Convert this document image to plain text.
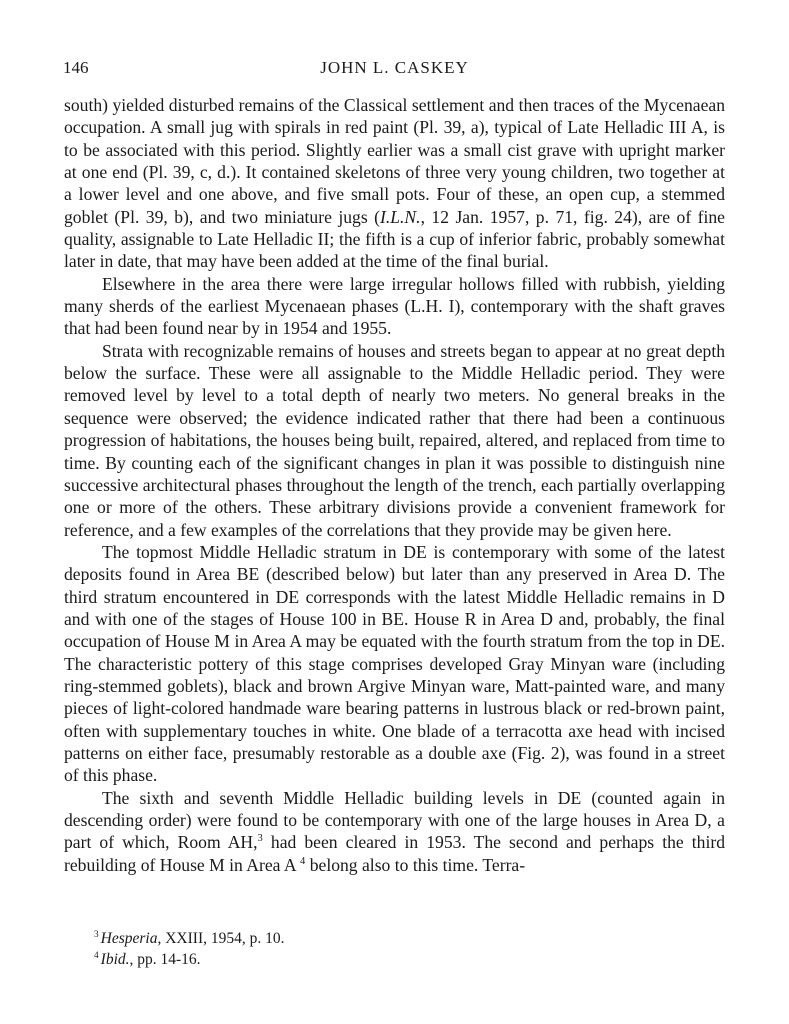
146	JOHN L. CASKEY

south) yielded disturbed remains of the Classical settlement and then traces of the Mycenaean occupation. A small jug with spirals in red paint (Pl. 39, a), typical of Late Helladic III A, is to be associated with this period. Slightly earlier was a small cist grave with upright marker at one end (Pl. 39, c, d.). It contained skeletons of three very young children, two together at a lower level and one above, and five small pots. Four of these, an open cup, a stemmed goblet (Pl. 39, b), and two miniature jugs (I.L.N., 12 Jan. 1957, p. 71, fig. 24), are of fine quality, assignable to Late Helladic II; the fifth is a cup of inferior fabric, probably somewhat later in date, that may have been added at the time of the final burial.

Elsewhere in the area there were large irregular hollows filled with rubbish, yielding many sherds of the earliest Mycenaean phases (L.H. I), contemporary with the shaft graves that had been found near by in 1954 and 1955.

Strata with recognizable remains of houses and streets began to appear at no great depth below the surface. These were all assignable to the Middle Helladic period. They were removed level by level to a total depth of nearly two meters. No general breaks in the sequence were observed; the evidence indicated rather that there had been a continuous progression of habitations, the houses being built, repaired, altered, and replaced from time to time. By counting each of the significant changes in plan it was possible to distinguish nine successive architectural phases throughout the length of the trench, each partially overlapping one or more of the others. These arbitrary divisions provide a convenient framework for reference, and a few examples of the correlations that they provide may be given here.

The topmost Middle Helladic stratum in DE is contemporary with some of the latest deposits found in Area BE (described below) but later than any preserved in Area D. The third stratum encountered in DE corresponds with the latest Middle Helladic remains in D and with one of the stages of House 100 in BE. House R in Area D and, probably, the final occupation of House M in Area A may be equated with the fourth stratum from the top in DE. The characteristic pottery of this stage comprises developed Gray Minyan ware (including ring-stemmed goblets), black and brown Argive Minyan ware, Matt-painted ware, and many pieces of light-colored handmade ware bearing patterns in lustrous black or red-brown paint, often with supplementary touches in white. One blade of a terracotta axe head with incised patterns on either face, presumably restorable as a double axe (Fig. 2), was found in a street of this phase.

The sixth and seventh Middle Helladic building levels in DE (counted again in descending order) were found to be contemporary with one of the large houses in Area D, a part of which, Room AH,$^3$ had been cleared in 1953. The second and perhaps the third rebuilding of House M in Area A $^4$ belong also to this time. Terra-

$^3$ Hesperia, XXIII, 1954, p. 10.

$^4$ Ibid., pp. 14-16.
